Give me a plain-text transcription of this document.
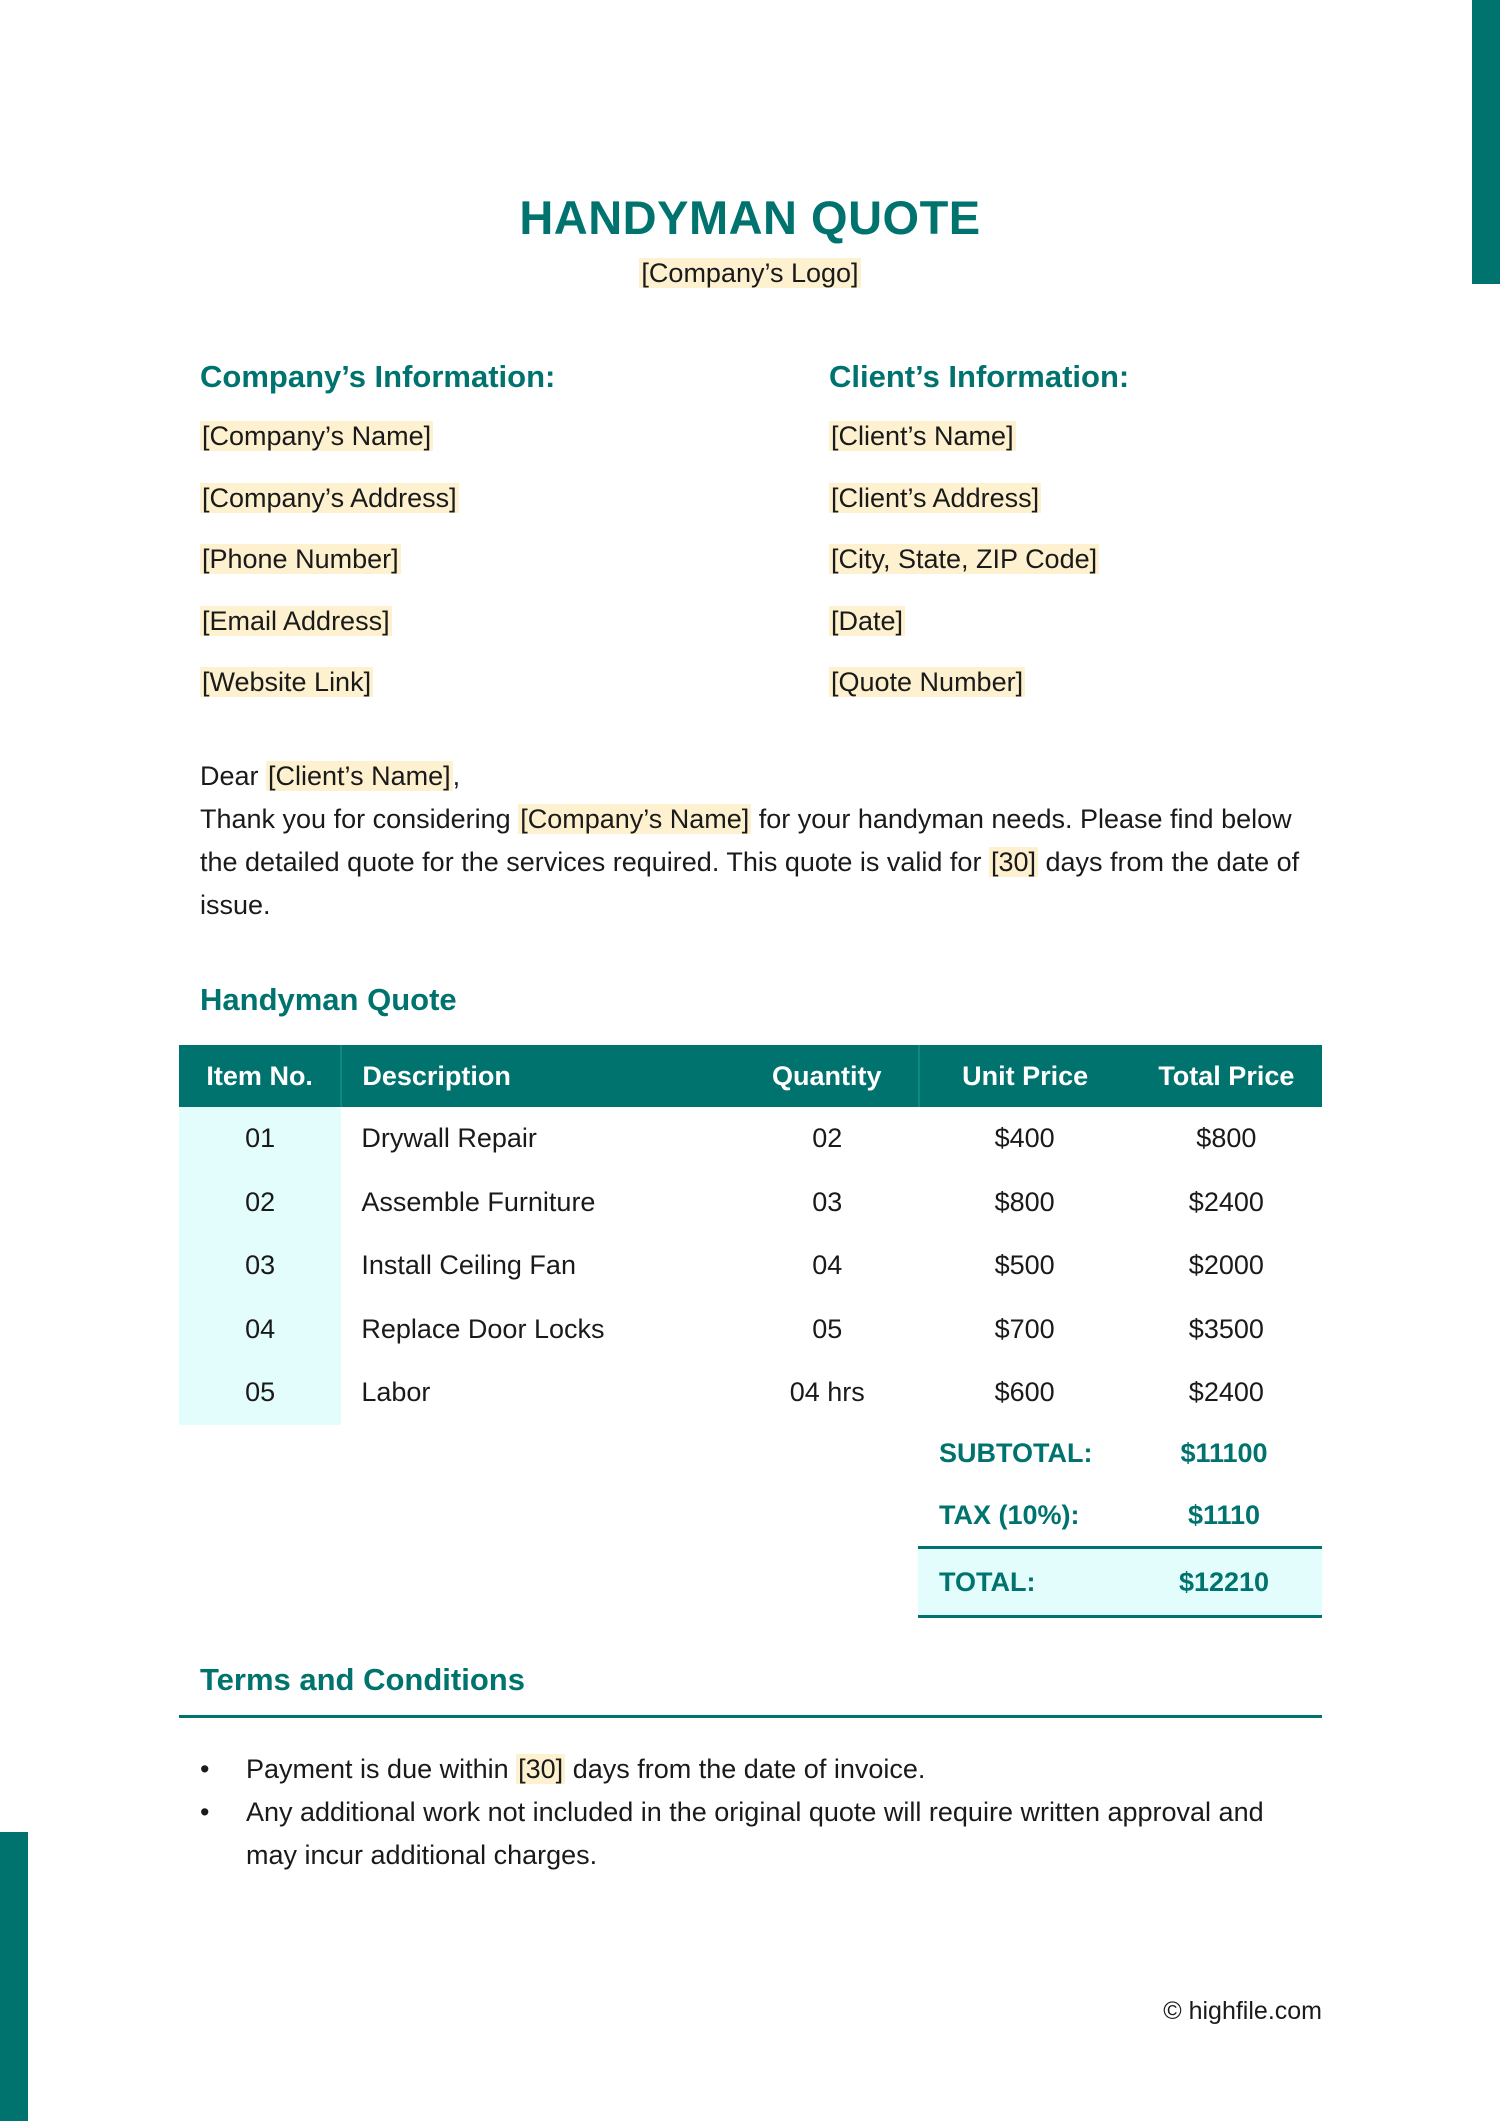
HANDYMAN QUOTE
[Company’s Logo]
Company’s Information:
[Company’s Name]
[Company’s Address]
[Phone Number]
[Email Address]
[Website Link]
Client’s Information:
[Client’s Name]
[Client’s Address]
[City, State, ZIP Code]
[Date]
[Quote Number]

Dear [Client’s Name],

Thank you for considering [Company’s Name] for your handyman needs. Please find below the detailed quote for the services required. This quote is valid for [30] days from the date of issue.

Handyman Quote
Item No.	Description	Quantity	Unit Price	Total Price
01	Drywall Repair	02	$400	$800
02	Assemble Furniture	03	$800	$2400
03	Install Ceiling Fan	04	$500	$2000
04	Replace Door Locks	05	$700	$3500
05	Labor	04 hrs	$600	$2400
SUBTOTAL:	$11100
TAX (10%):	$1110
TOTAL:	$12210
Terms and Conditions
• Payment is due within [30] days from the date of invoice.
• Any additional work not included in the original quote will require written approval and may incur additional charges.
© highfile.com
